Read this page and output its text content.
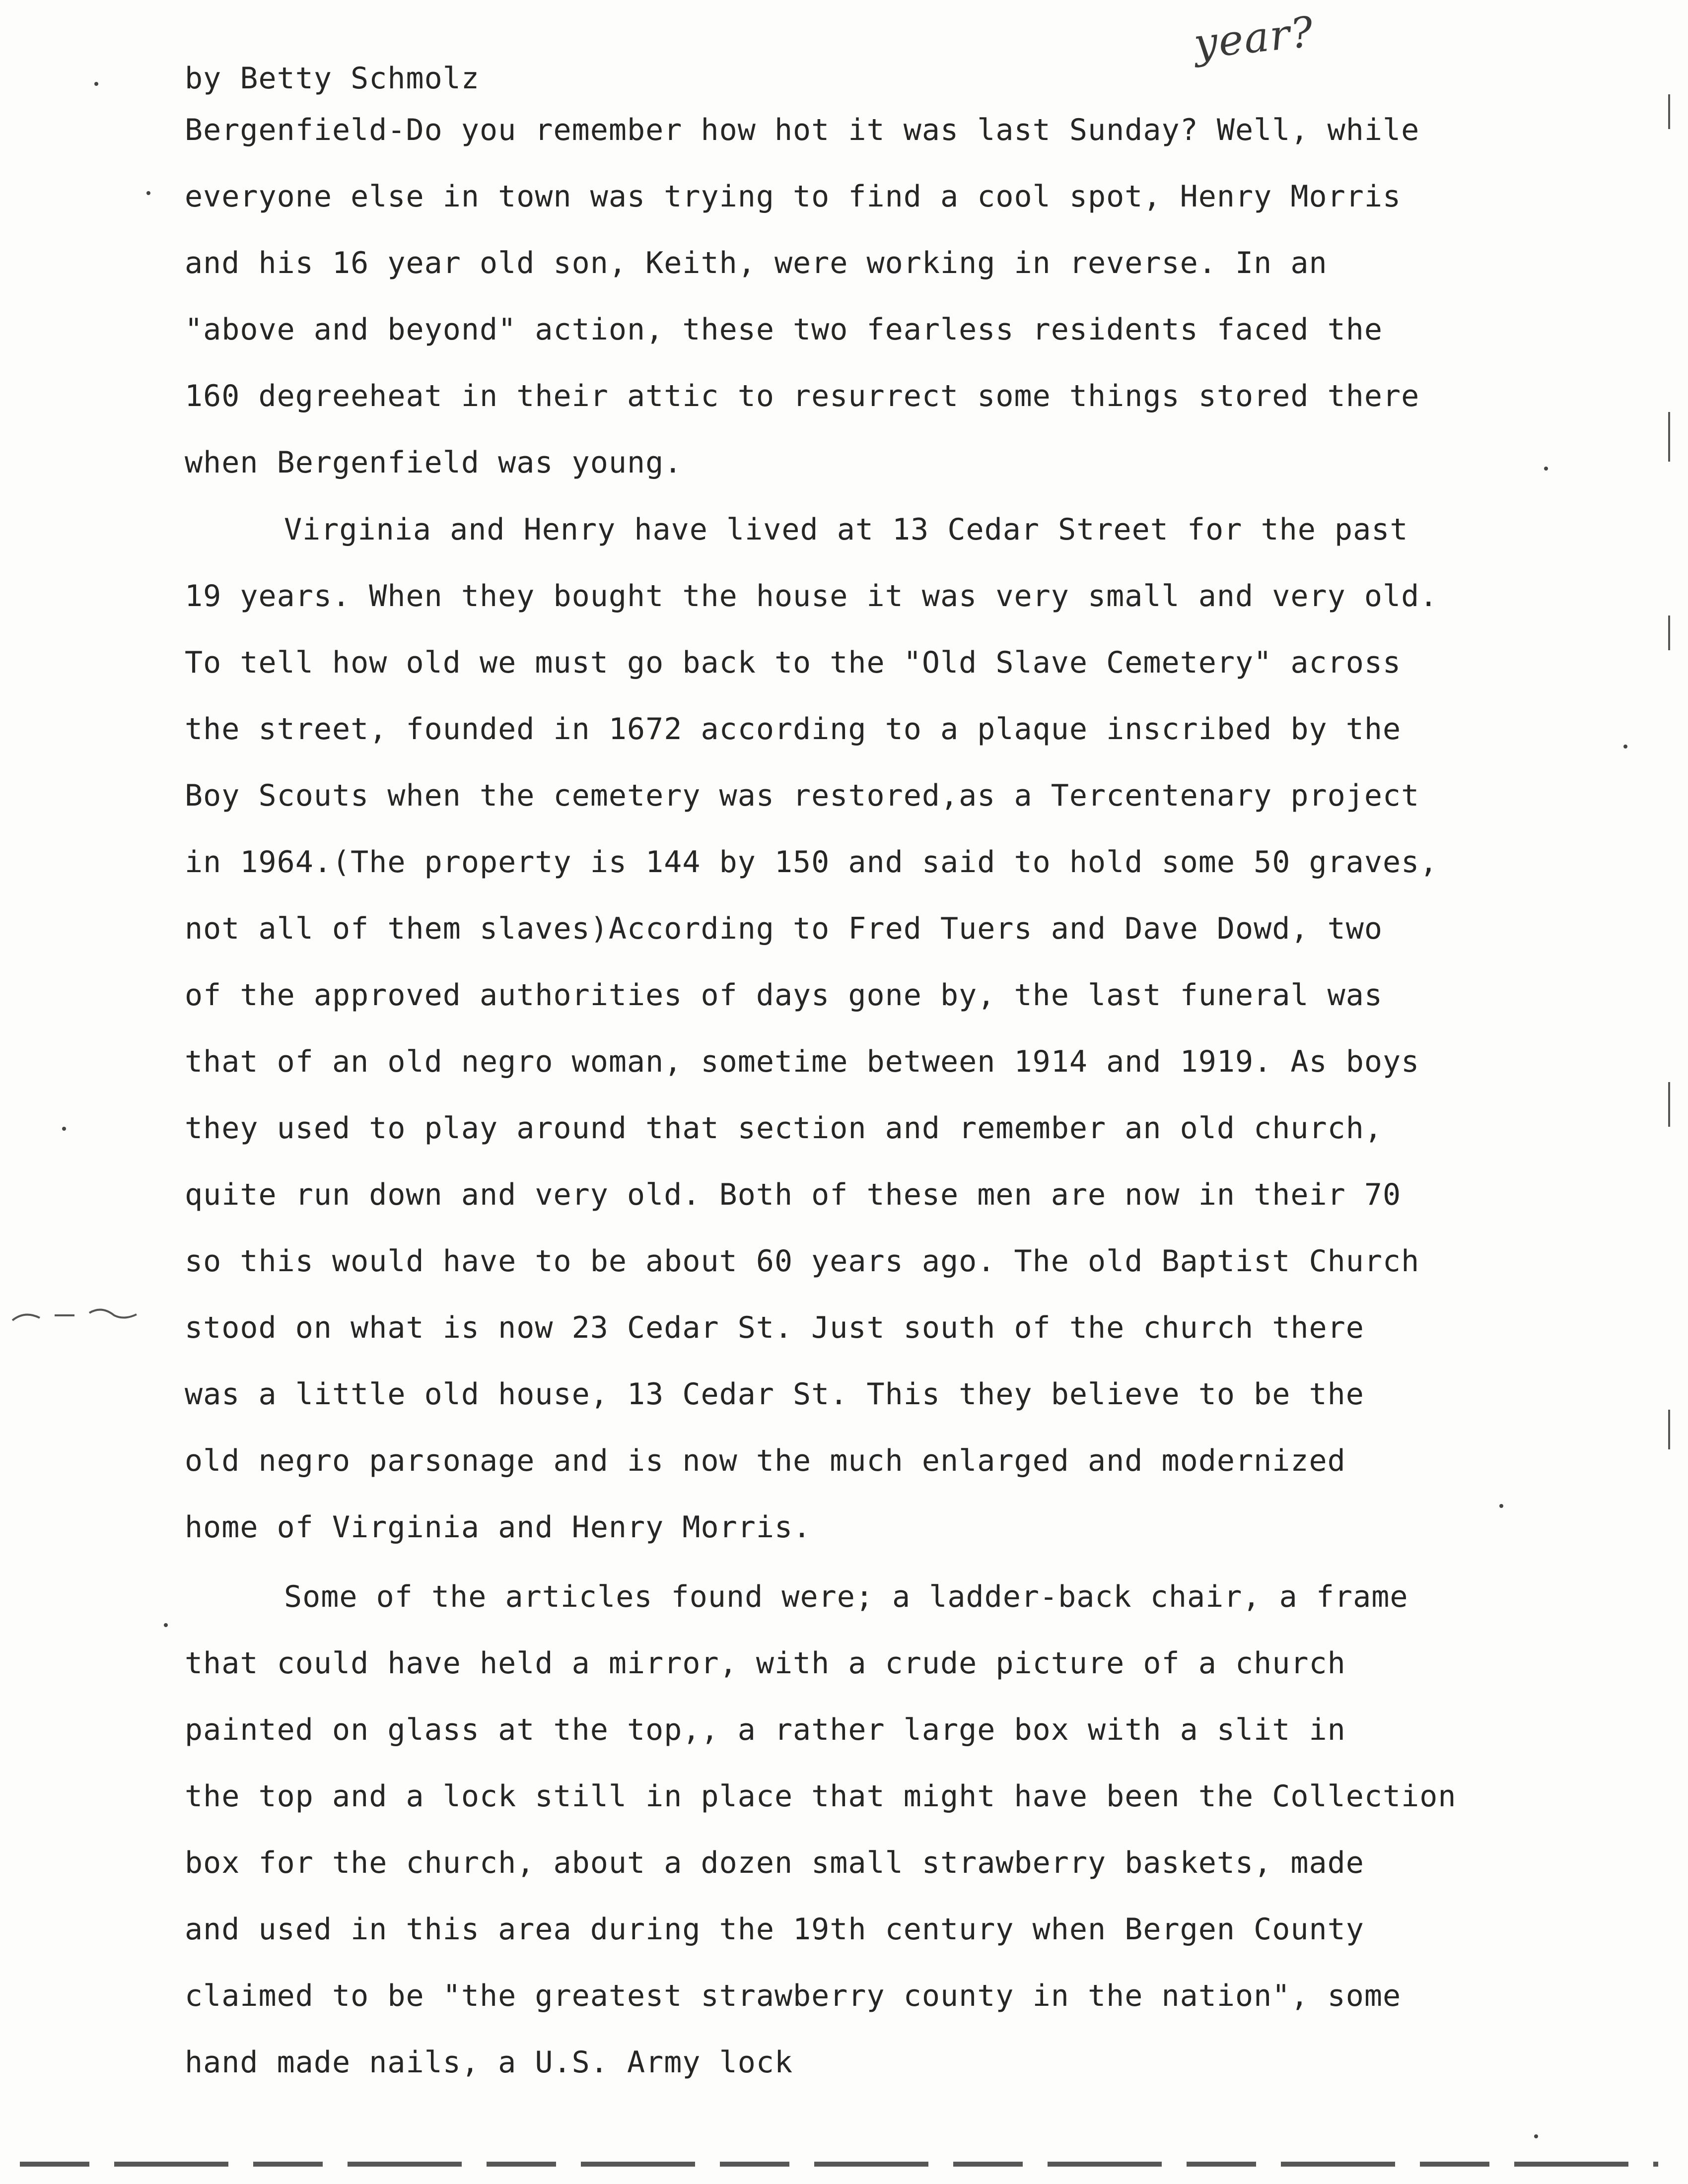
year?
by Betty Schmolz
Bergenfield-Do you remember how hot it was last Sunday? Well, while
everyone else in town was trying to find a cool spot, Henry Morris
and his 16 year old son, Keith, were working in reverse. In an
"above and beyond" action, these two fearless residents faced the
160 degreeheat in their attic to resurrect some things stored there
when Bergenfield was young.
Virginia and Henry have lived at 13 Cedar Street for the past
19 years. When they bought the house it was very small and very old.
To tell how old we must go back to the "Old Slave Cemetery" across
the street, founded in 1672 according to a plaque inscribed by the
Boy Scouts when the cemetery was restored,as a Tercentenary project
in 1964.(The property is 144 by 150 and said to hold some 50 graves,
not all of them slaves)According to Fred Tuers and Dave Dowd, two
of the approved authorities of days gone by, the last funeral was
that of an old negro woman, sometime between 1914 and 1919. As boys
they used to play around that section and remember an old church,
quite run down and very old. Both of these men are now in their 70
so this would have to be about 60 years ago. The old Baptist Church
stood on what is now 23 Cedar St. Just south of the church there
was a little old house, 13 Cedar St. This they believe to be the
old negro parsonage and is now the much enlarged and modernized
home of Virginia and Henry Morris.
Some of the articles found were; a ladder-back chair, a frame
that could have held a mirror, with a crude picture of a church
painted on glass at the top,, a rather large box with a slit in
the top and a lock still in place that might have been the Collection
box for the church, about a dozen small strawberry baskets, made
and used in this area during the 19th century when Bergen County
claimed to be "the greatest strawberry county in the nation", some
hand made nails, a U.S. Army lock
